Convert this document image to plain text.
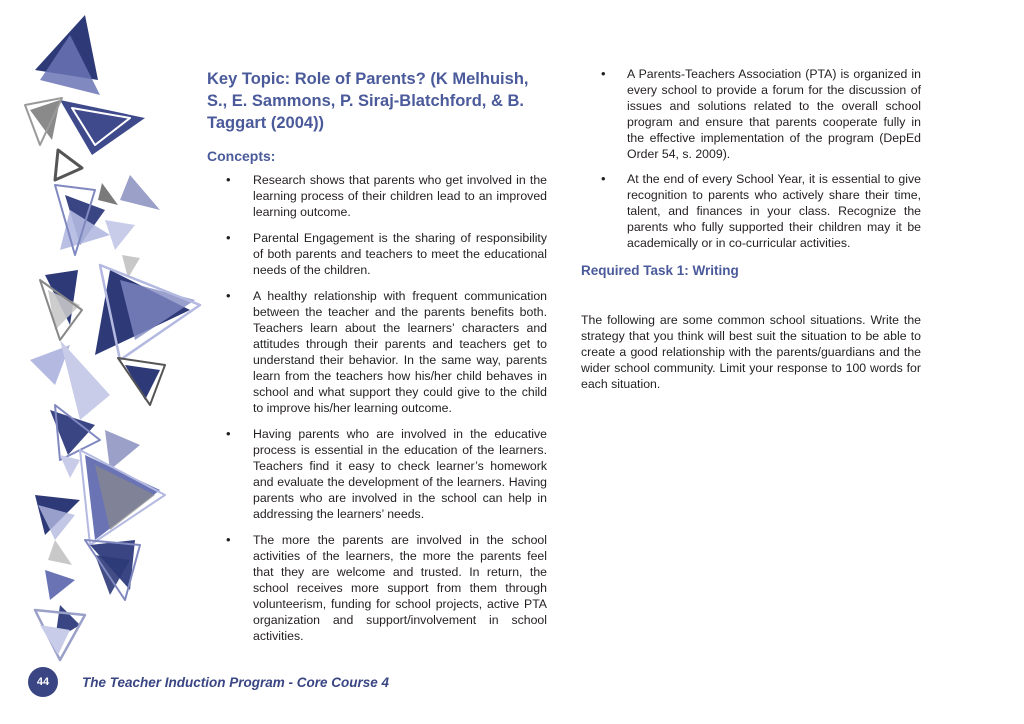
Key Topic: Role of Parents? (K Melhuish, S., E. Sammons, P. Siraj-Blatchford, & B. Taggart (2004))
Concepts:
• Research shows that parents who get involved in the learning process of their children lead to an improved learning outcome.
• Parental Engagement is the sharing of responsibility of both parents and teachers to meet the educational needs of the children.
• A healthy relationship with frequent communication between the teacher and the parents benefits both. Teachers learn about the learners’ characters and attitudes through their parents and teachers get to understand their behavior. In the same way, parents learn from the teachers how his/her child behaves in school and what support they could give to the child to improve his/her learning outcome.
• Having parents who are involved in the educative process is essential in the education of the learners. Teachers find it easy to check learner’s homework and evaluate the development of the learners. Having parents who are involved in the school can help in addressing the learners’ needs.
• The more the parents are involved in the school activities of the learners, the more the parents feel that they are welcome and trusted. In return, the school receives more support from them through volunteerism, funding for school projects, active PTA organization and support/involvement in school activities.
• A Parents-Teachers Association (PTA) is organized in every school to provide a forum for the discussion of issues and solutions related to the overall school program and ensure that parents cooperate fully in the effective implementation of the program (DepEd Order 54, s. 2009).
• At the end of every School Year, it is essential to give recognition to parents who actively share their time, talent, and finances in your class. Recognize the parents who fully supported their children may it be academically or in co-curricular activities.
Required Task 1: Writing

The following are some common school situations. Write the strategy that you think will best suit the situation to be able to create a good relationship with the parents/guardians and the wider school community. Limit your response to 100 words for each situation.

44	The Teacher Induction Program - Core Course 4
